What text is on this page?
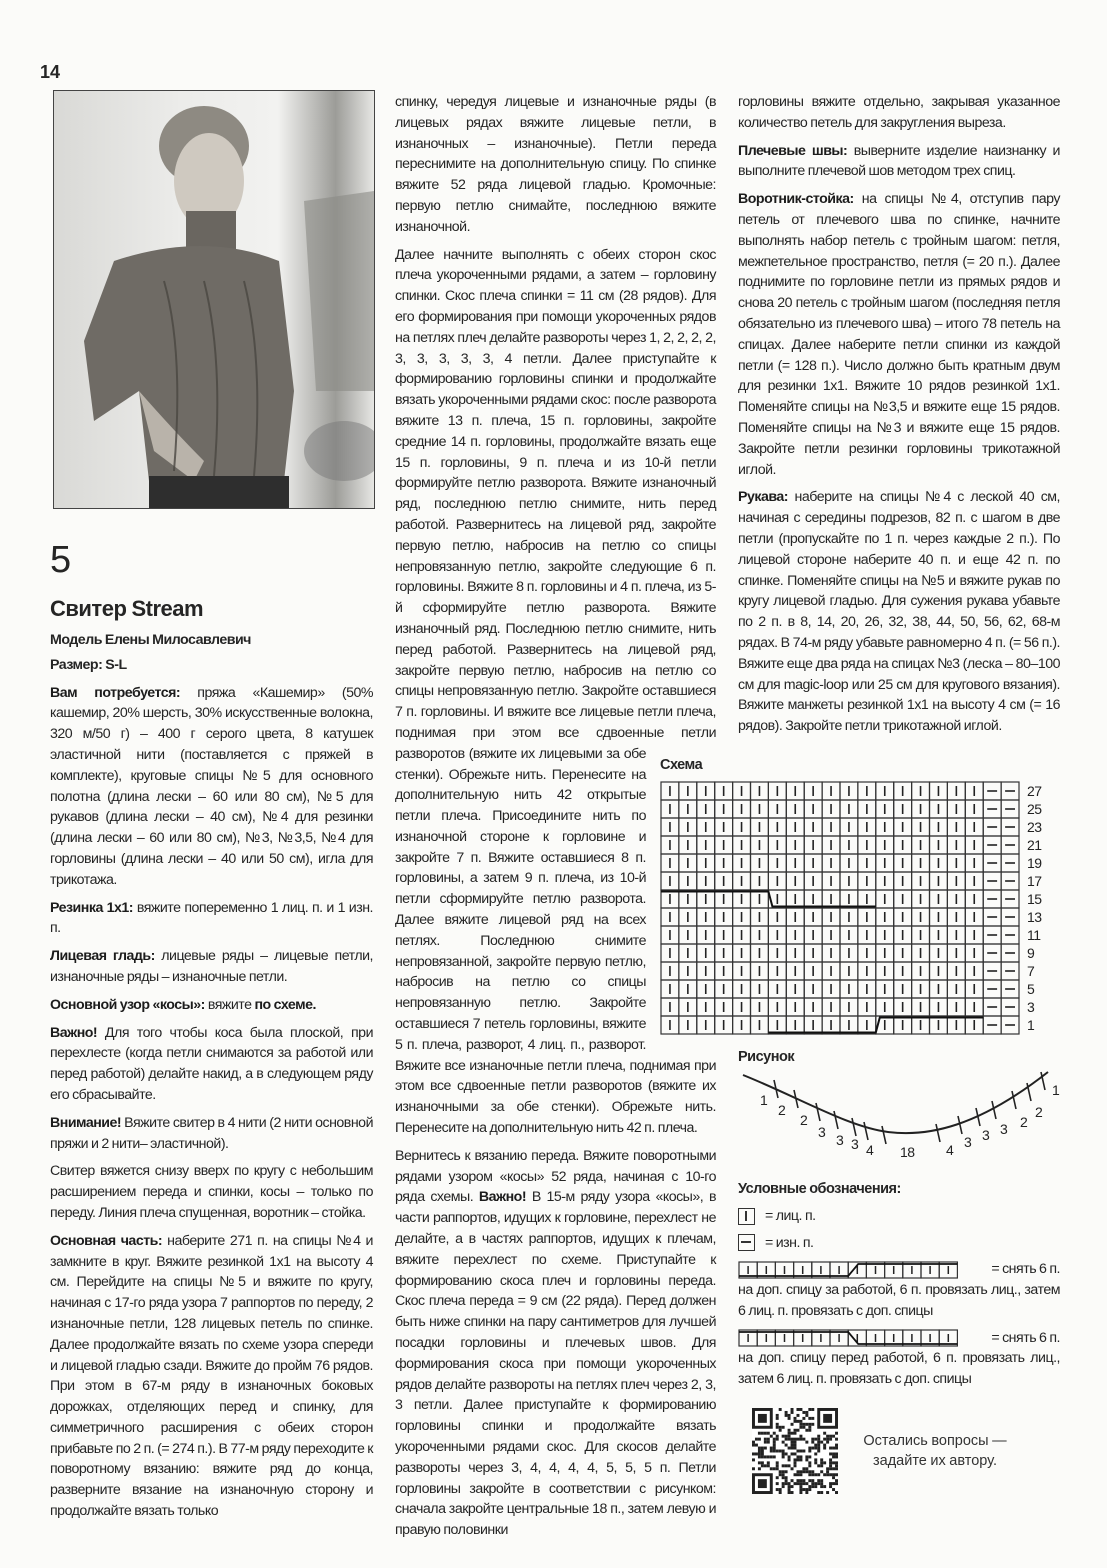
14
5

Свитер Stream

Модель Елены Милосавлевич

Размер: S-L

Вам потребуется: пряжа «Кашемир» (50% кашемир, 20% шерсть, 30% искусственные волокна, 320 м/50 г) – 400 г серого цвета, 8 катушек эластичной нити (поставляется с пряжей в комплекте), круговые спицы №5 для основного полотна (длина лески – 60 или 80 см), №5 для рукавов (длина лески – 40 см), №4 для резинки (длина лески – 60 или 80 см), №3, №3,5, №4 для горловины (длина лески – 40 или 50 см), игла для трикотажа.

Резинка 1х1: вяжите попеременно 1 лиц. п. и 1 изн. п.

Лицевая гладь: лицевые ряды – лицевые петли, изнаночные ряды – изнаночные петли.

Основной узор «косы»: вяжите по схеме.

Важно! Для того чтобы коса была плоской, при перехлесте (когда петли снимаются за работой или перед работой) делайте накид, а в следующем ряду его сбрасывайте.

Внимание! Вяжите свитер в 4 нити (2 нити основной пряжи и 2 нити– эластичной).

Свитер вяжется снизу вверх по кругу с небольшим расширением переда и спинки, косы – только по переду. Линия плеча спущенная, воротник – стойка.

Основная часть: наберите 271 п. на спицы №4 и замкните в круг. Вяжите резинкой 1х1 на высоту 4 см. Перейдите на спицы №5 и вяжите по кругу, начиная с 17-го ряда узора 7 раппортов по переду, 2 изнаночные петли, 128 лицевых петель по спинке. Далее продолжайте вязать по схеме узора спереди и лицевой гладью сзади. Вяжите до пройм 76 рядов. При этом в 67-м ряду в изнаночных боковых дорожках, отделяющих перед и спинку, для симметричного расширения с обеих сторон прибавьте по 2 п. (= 274 п.). В 77-м ряду переходите к поворотному вязанию: вяжите ряд до конца, разверните вязание на изнаночную сторону и продолжайте вязать только

спинку, чередуя лицевые и изнаночные ряды (в лицевых рядах вяжите лицевые петли, в изнаночных – изнаночные). Петли переда переснимите на дополнительную спицу. По спинке вяжите 52 ряда лицевой гладью. Кромочные: первую петлю снимайте, последнюю вяжите изнаночной.

Далее начните выполнять с обеих сторон скос плеча укороченными рядами, а затем – горловину спинки. Скос плеча спинки = 11 см (28 рядов). Для его формирования при помощи укороченных рядов на петлях плеч делайте развороты через 1, 2, 2, 2, 2, 3, 3, 3, 3, 3, 4 петли. Далее приступайте к формированию горловины спинки и продолжайте вязать укороченными рядами скос: после разворота вяжите 13 п. плеча, 15 п. горловины, закройте средние 14 п. горловины, продолжайте вязать еще 15 п. горловины, 9 п. плеча и из 10-й петли формируйте петлю разворота. Вяжите изнаночный ряд, последнюю петлю снимите, нить перед работой. Развернитесь на лицевой ряд, закройте первую петлю, набросив на петлю со спицы непровязанную петлю, закройте следующие 6 п. горловины. Вяжите 8 п. горловины и 4 п. плеча, из 5-й сформируйте петлю разворота. Вяжите изнаночный ряд. Последнюю петлю снимите, нить перед работой. Развернитесь на лицевой ряд, закройте первую петлю, набросив на петлю со спицы непровязанную петлю. Закройте оставшиеся 7 п. горловины. И вяжите все лицевые петли плеча, поднимая при этом все сдвоенные петли разворотов (вяжите их лицевыми за обе стенки). Обрежьте нить. Перенесите на дополнительную нить 42 открытые петли плеча. Присоедините нить по изнаночной стороне к горловине и закройте 7 п. Вяжите оставшиеся 8 п. горловины, а затем 9 п. плеча, из 10-й петли сформируйте петлю разворота. Далее вяжите лицевой ряд на всех петлях. Последнюю снимите непровязанной, закройте первую петлю, набросив на петлю со спицы непровязанную петлю. Закройте оставшиеся 7 петель горловины, вяжите 5 п. плеча, разворот, 4 лиц. п., разворот. Вяжите все изнаночные петли плеча, поднимая при этом все сдвоенные петли разворотов (вяжите их изнаночными за обе стенки). Обрежьте нить. Перенесите на дополнительную нить 42 п. плеча.

Вернитесь к вязанию переда. Вяжите поворотными рядами узором «косы» 52 ряда, начиная с 10-го ряда схемы. Важно! В 15-м ряду узора «косы», в части раппортов, идущих к горловине, перехлест не делайте, а в частях раппортов, идущих к плечам, вяжите перехлест по схеме. Приступайте к формированию скоса плеч и горловины переда. Скос плеча переда = 9 см (22 ряда). Перед должен быть ниже спинки на пару сантиметров для лучшей посадки горловины и плечевых швов. Для формирования скоса при помощи укороченных рядов делайте развороты на петлях плеч через 2, 3, 3 петли. Далее приступайте к формированию горловины спинки и продолжайте вязать укороченными рядами скос. Для скосов делайте развороты через 3, 4, 4, 4, 4, 5, 5, 5 п. Петли горловины закройте в соответствии с рисунком: сначала закройте центральные 18 п., затем левую и правую половинки

горловины вяжите отдельно, закрывая указанное количество петель для закругления выреза.

Плечевые швы: выверните изделие наизнанку и выполните плечевой шов методом трех спиц.

Воротник-стойка: на спицы №4, отступив пару петель от плечевого шва по спинке, начните выполнять набор петель с тройным шагом: петля, межпетельное пространство, петля (= 20 п.). Далее поднимите по горловине петли из прямых рядов и снова 20 петель с тройным шагом (последняя петля обязательно из плечевого шва) – итого 78 петель на спицах. Далее наберите петли спинки из каждой петли (= 128 п.). Число должно быть кратным двум для резинки 1х1. Вяжите 10 рядов резинкой 1х1. Поменяйте спицы на №3,5 и вяжите еще 15 рядов. Поменяйте спицы на №3 и вяжите еще 15 рядов. Закройте петли резинки горловины трикотажной иглой.

Рукава: наберите на спицы №4 с леской 40 см, начиная с середины подрезов, 82 п. с шагом в две петли (пропускайте по 1 п. через каждые 2 п.). По лицевой стороне наберите 40 п. и еще 42 п. по спинке. Поменяйте спицы на №5 и вяжите рукав по кругу лицевой гладью. Для сужения рукава убавьте по 2 п. в 8, 14, 20, 26, 32, 38, 44, 50, 56, 62, 68-м рядах. В 74-м ряду убавьте равномерно 4 п. (= 56 п.). Вяжите еще два ряда на спицах №3 (леска – 80–100 см для magic-loop или 25 см для кругового вязания). Вяжите манжеты резинкой 1х1 на высоту 4 см (= 16 рядов). Закройте петли трикотажной иглой.

Схема
27
25
23
21
19
17
15
13
11
9
7
5
3
1
Рисунок
1
2
2
3 3 3 4 18 4 3 3 3 2
2
1

Условные обозначения:

= лиц. п.
= изн. п.
= снять 6 п.
на доп. спицу за работой, 6 п. провязать лиц., затем 6 лиц. п. провязать с доп. спицы
= снять 6 п.
на доп. спицу перед работой, 6 п. провязать лиц., затем 6 лиц. п. провязать с доп. спицы
Остались вопросы —
задайте их автору.
